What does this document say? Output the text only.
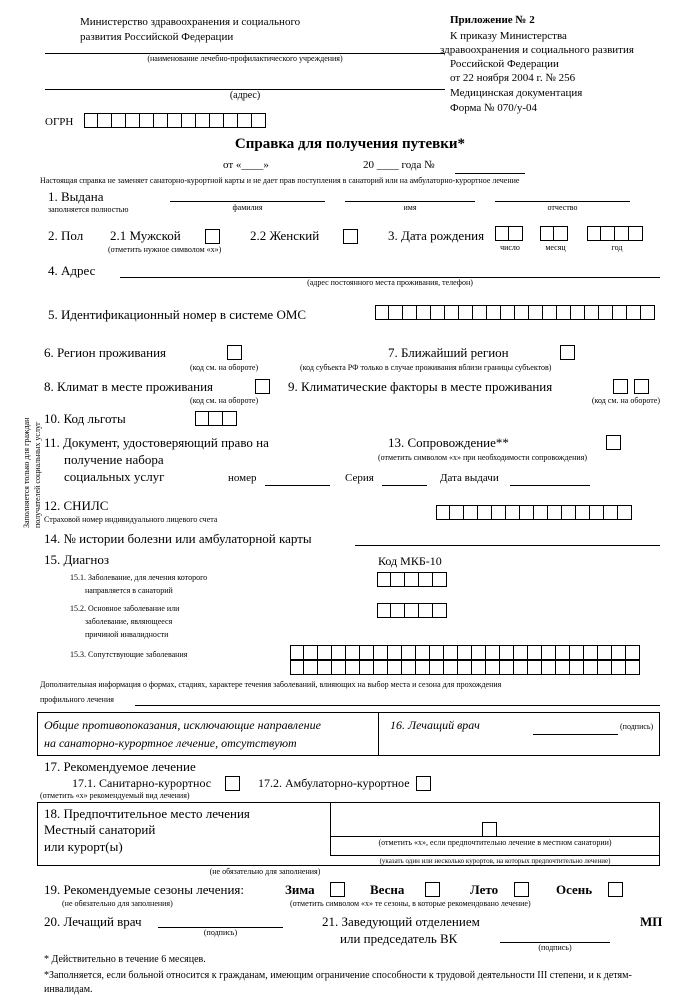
Министерство здравоохранения и социального
развития Российской Федерации
(наименование лечебно-профилактического учреждения)
(адрес)
ОГРН
Приложение № 2
К приказу Министерства
здравоохранения и социального развития
Российской Федерации
от 22 ноября 2004 г. № 256
Медицинская документация
Форма № 070/у-04
Справка для получения путевки*
от «____»	20 ____ года №
Настоящая справка не заменяет санаторно-курортной карты и не дает прав поступления в санаторий или на амбулаторно-курортное лечение
Заполняется только для граждан получателей социальных услуг
1. Выдана
заполняется полностью	фамилия	имя	отчество
2. Пол 2.1 Мужской	2.2 Женский
(отметить нужное символом «х»)
3. Дата рождения
число	месяц	год
4. Адрес
(адрес постоянного места проживания, телефон)
5. Идентификационный номер в системе ОМС
6. Регион проживания
(код см. на обороте)
7. Ближайший регион
(код субъекта РФ только в случае проживания вблизи границы субъектов)
8. Климат в месте проживания
(код см. на обороте)
9. Климатические факторы в месте проживания
(код см. на обороте)
10. Код льготы
11. Документ, удостоверяющий право на
получение набора
социальных услуг	номер	Серия	Дата выдачи
13. Сопровождение**
(отметить символом «х» при необходимости сопровождения)
12. СНИЛС
Страховой номер индивидуального лицевого счета
14. № истории болезни или амбулаторной карты
15. Диагноз	Код МКБ-10
15.1. Заболевание, для лечения которого
направляется в санаторий
15.2. Основное заболевание или
заболевание, являющееся
причиной инвалидности
15.3. Сопутствующие заболевания
Дополнительная информация о формах, стадиях, характере течения заболеваний, влияющих на выбор места и сезона для прохождения
профильного лечения
Общие противопоказания, исключающие направление
на санаторно-курортное лечение, отсутствуют
16. Лечащий врач	(подпись)
17. Рекомендуемое лечение
17.1. Санитарно-курортнос	17.2. Амбулаторно-курортное
(отметить «х» рекомендуемый вид лечения)
18. Предпочтительное место лечения
Местный санаторий
или курорт(ы)	(отметить «х», если предпочтительно лечение в местном санатории)
(указать один или несколько курортов, на которых предпочтительно лечение)
(не обязательно для заполнения)
19. Рекомендуемые сезоны лечения:	Зима	Весна	Лето	Осень
(не обязательно для заполнения)	(отметить символом «х» те сезоны, в которые рекомендовано лечение)
20. Лечащий врач
(подпись)
21. Заведующий отделением
или председатель ВК
МП
(подпись)
* Действительно в течение 6 месяцев.
*Заполняется, если больной относится к гражданам, имеющим ограничение способности к трудовой деятельности III степени, и к детям-
инвалидам.
